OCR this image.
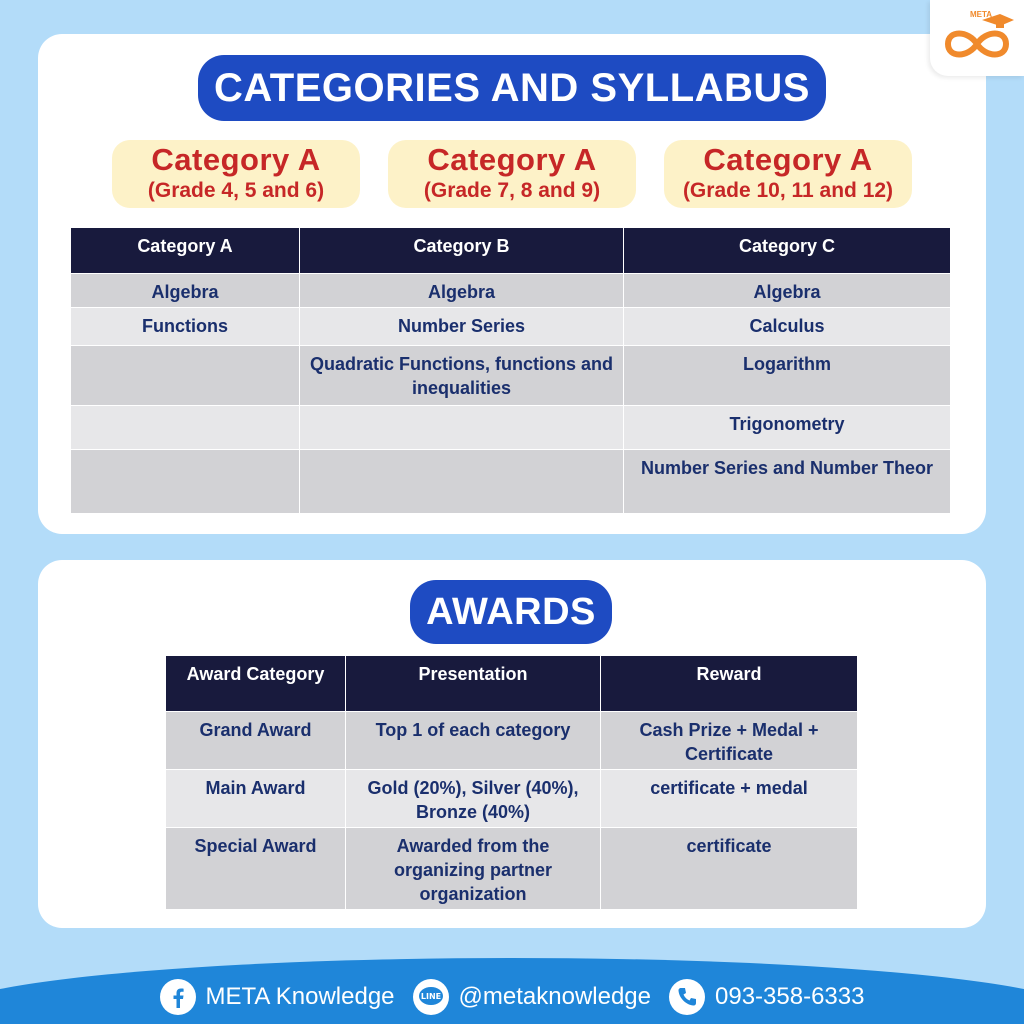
META
CATEGORIES AND SYLLABUS
Category A
(Grade 4, 5 and 6)
Category A
(Grade 7, 8 and 9)
Category A
(Grade 10, 11 and 12)
Category A	Category B	Category C
Algebra	Algebra	Algebra
Functions	Number Series	Calculus
	Quadratic Functions, functions and inequalities	Logarithm
		Trigonometry
		Number Series and Number Theor
AWARDS
Award Category	Presentation	Reward
Grand Award	Top 1 of each category	Cash Prize + Medal + Certificate
Main Award	Gold (20%), Silver (40%), Bronze (40%)	certificate + medal
Special Award	Awarded from the organizing partner organization	certificate
META Knowledge	LINE @metaknowledge	093-358-6333
